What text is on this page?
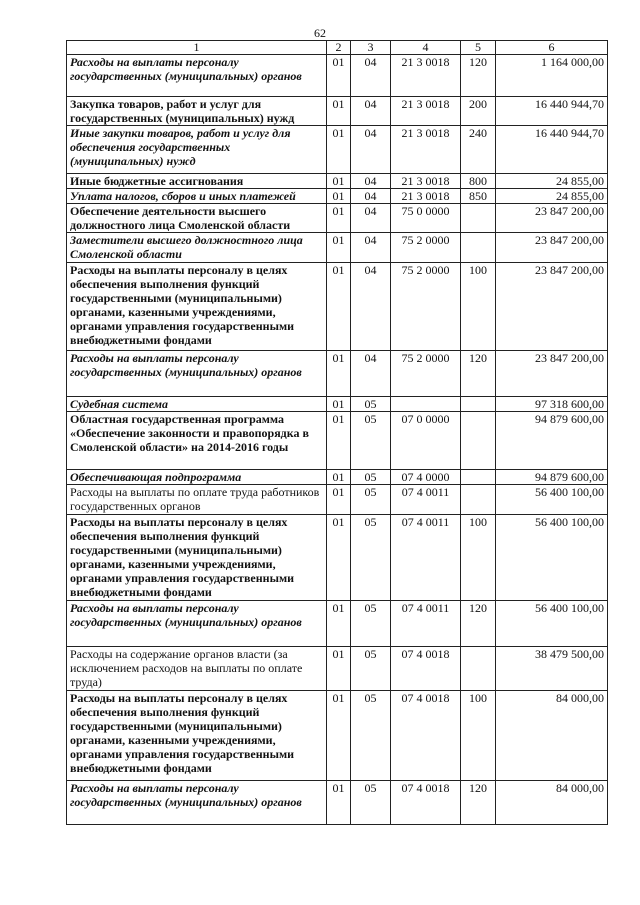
62
1	2	3	4	5	6
Расходы на выплаты персоналу государственных (муниципальных) органов	01	04	21 3 0018	120	1 164 000,00
Закупка товаров, работ и услуг для государственных (муниципальных) нужд	01	04	21 3 0018	200	16 440 944,70
Иные закупки товаров, работ и услуг для обеспечения государственных (муниципальных) нужд	01	04	21 3 0018	240	16 440 944,70
Иные бюджетные ассигнования	01	04	21 3 0018	800	24 855,00
Уплата налогов, сборов и иных платежей	01	04	21 3 0018	850	24 855,00
Обеспечение деятельности высшего должностного лица Смоленской области	01	04	75 0 0000		23 847 200,00
Заместители высшего должностного лица Смоленской области	01	04	75 2 0000		23 847 200,00
Расходы на выплаты персоналу в целях обеспечения выполнения функций государственными (муниципальными) органами, казенными учреждениями, органами управления государственными внебюджетными фондами	01	04	75 2 0000	100	23 847 200,00
Расходы на выплаты персоналу государственных (муниципальных) органов	01	04	75 2 0000	120	23 847 200,00
Судебная система	01	05			97 318 600,00
Областная государственная программа «Обеспечение законности и правопорядка в Смоленской области» на 2014-2016 годы	01	05	07 0 0000		94 879 600,00
Обеспечивающая подпрограмма	01	05	07 4 0000		94 879 600,00
Расходы на выплаты по оплате труда работников государственных органов	01	05	07 4 0011		56 400 100,00
Расходы на выплаты персоналу в целях обеспечения выполнения функций государственными (муниципальными) органами, казенными учреждениями, органами управления государственными внебюджетными фондами	01	05	07 4 0011	100	56 400 100,00
Расходы на выплаты персоналу государственных (муниципальных) органов	01	05	07 4 0011	120	56 400 100,00
Расходы на содержание органов власти (за исключением расходов на выплаты по оплате труда)	01	05	07 4 0018		38 479 500,00
Расходы на выплаты персоналу в целях обеспечения выполнения функций государственными (муниципальными) органами, казенными учреждениями, органами управления государственными внебюджетными фондами	01	05	07 4 0018	100	84 000,00
Расходы на выплаты персоналу государственных (муниципальных) органов	01	05	07 4 0018	120	84 000,00
